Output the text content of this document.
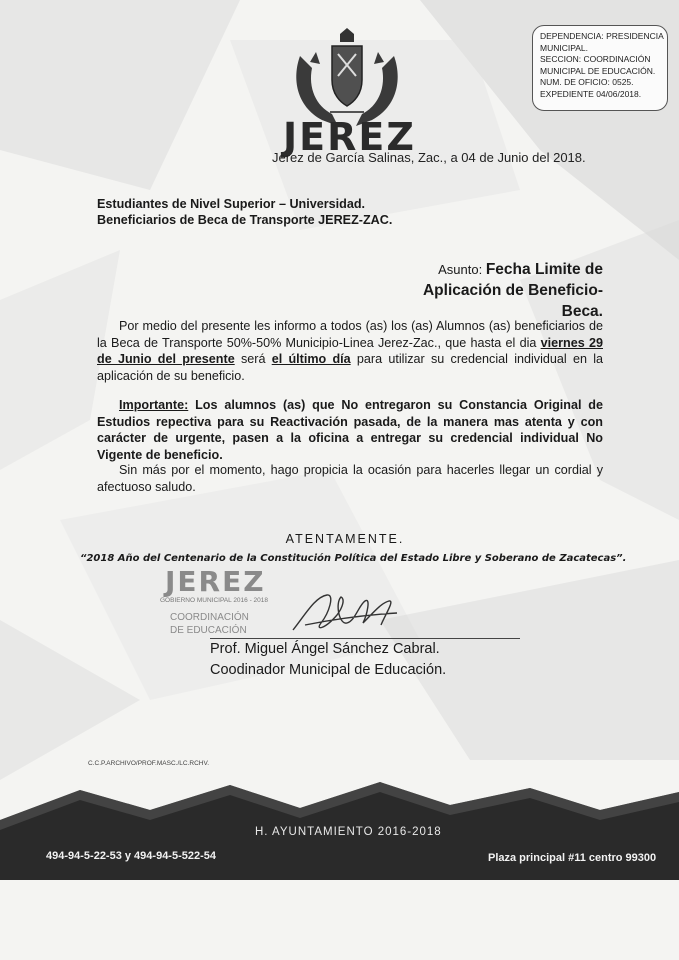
DEPENDENCIA: PRESIDENCIA
MUNICIPAL.
SECCION: COORDINACIÓN
MUNICIPAL DE EDUCACIÓN.
NUM. DE OFICIO: 0525.
EXPEDIENTE 04/06/2018.
JEREZ
Jerez de García Salinas, Zac., a 04 de Junio del 2018.
Estudiantes de Nivel Superior – Universidad.
Beneficiarios de Beca de Transporte JEREZ-ZAC.
Asunto: Fecha Limite de
Aplicación de Beneficio-Beca.
Por medio del presente les informo a todos (as) los (as) Alumnos (as) beneficiarios de la Beca de Transporte 50%-50% Municipio-Linea Jerez-Zac., que hasta el dia viernes 29 de Junio del presente será el último día para utilizar su credencial individual en la aplicación de su beneficio.
Importante: Los alumnos (as) que No entregaron su Constancia Original de Estudios repectiva para su Reactivación pasada, de la manera mas atenta y con carácter de urgente, pasen a la oficina a entregar su credencial individual No Vigente de beneficio.
Sin más por el momento, hago propicia la ocasión para hacerles llegar un cordial y afectuoso saludo.
ATENTAMENTE.
“2018 Año del Centenario de la Constitución Política del Estado Libre y Soberano de Zacatecas”.
JEREZ
GOBIERNO MUNICIPAL 2016 - 2018
COORDINACIÓN
DE EDUCACIÓN
Prof. Miguel Ángel Sánchez Cabral.
Coodinador Municipal de Educación.
C.C.P.ARCHIVO/PROF.MASC./LC.RCHV.
H. AYUNTAMIENTO 2016-2018
494-94-5-22-53 y 494-94-5-522-54	Plaza principal #11 centro 99300
